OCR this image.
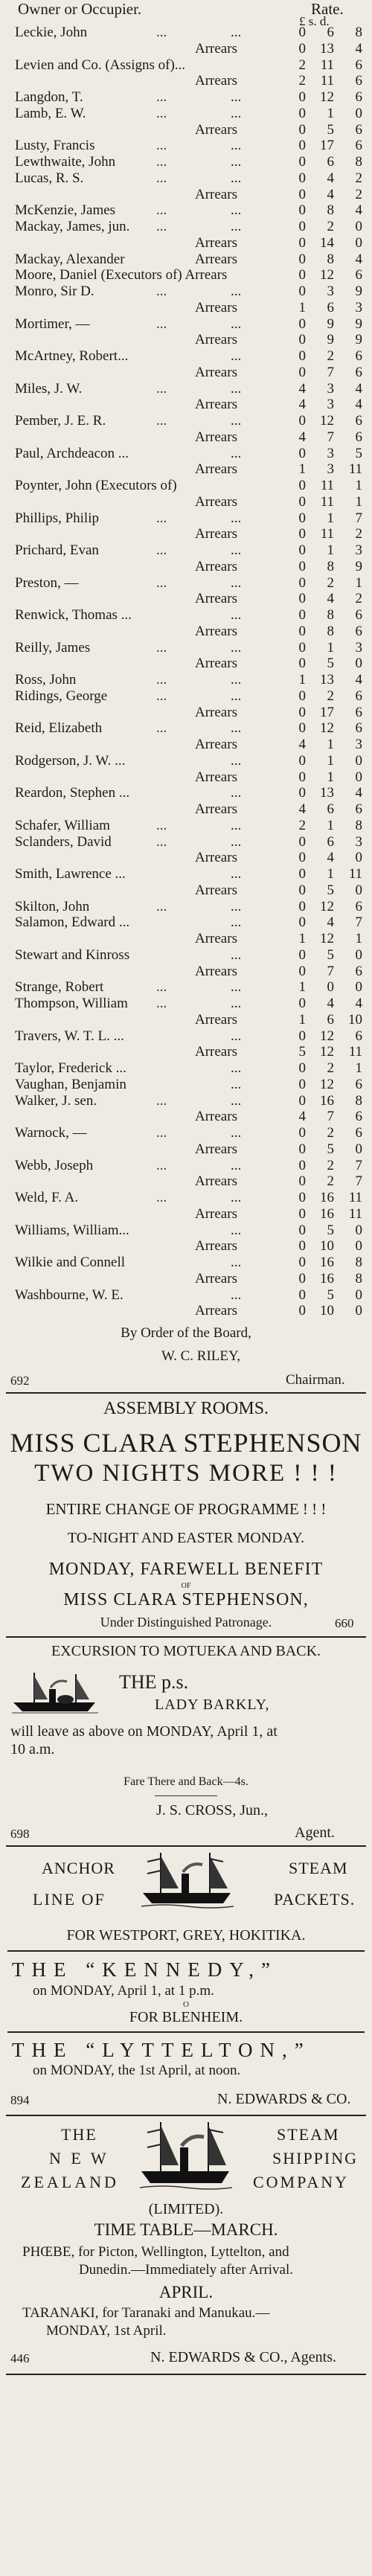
Owner or Occupier.	Rate.
£ s. d.
Leckie, John	...	...	0	6	8
Arrears	0	13	4
Levien and Co. (Assigns of)...	2	11	6
Arrears	2	11	6
Langdon, T.	...	...	0	12	6
Lamb, E. W.	...	...	0	1	0
Arrears	0	5	6
Lusty, Francis	...	...	0	17	6
Lewthwaite, John	...	...	0	6	8
Lucas, R. S.	...	...	0	4	2
Arrears	0	4	2
McKenzie, James	...	...	0	8	4
Mackay, James, jun. ...	...	0	2	0
Arrears	0	14	0
Mackay, Alexander	Arrears	0	8	4
Moore, Daniel (Executors of) Arrears	0	12	6
Monro, Sir D.	...	...	0	3	9
Arrears	1	6	3
Mortimer, —	...	...	0	9	9
Arrears	0	9	9
McArtney, Robert...	...	0	2	6
Arrears	0	7	6
Miles, J. W.	...	...	4	3	4
Arrears	4	3	4
Pember, J. E. R.	...	...	0	12	6
Arrears	4	7	6
Paul, Archdeacon ...	...	0	3	5
Arrears	1	3	11
Poynter, John (Executors of)	0	11	1
Arrears	0	11	1
Phillips, Philip	...	...	0	1	7
Arrears	0	11	2
Prichard, Evan	...	...	0	1	3
Arrears	0	8	9
Preston, —	...	...	0	2	1
Arrears	0	4	2
Renwick, Thomas ...	...	0	8	6
Arrears	0	8	6
Reilly, James	...	...	0	1	3
Arrears	0	5	0
Ross, John	...	...	1	13	4
Ridings, George	...	...	0	2	6
Arrears	0	17	6
Reid, Elizabeth	...	...	0	12	6
Arrears	4	1	3
Rodgerson, J. W. ...	...	0	1	0
Arrears	0	1	0
Reardon, Stephen ...	...	0	13	4
Arrears	4	6	6
Schafer, William	...	...	2	1	8
Sclanders, David	...	...	0	6	3
Arrears	0	4	0
Smith, Lawrence ...	...	0	1	11
Arrears	0	5	0
Skilton, John	...	...	0	12	6
Salamon, Edward ...	...	0	4	7
Arrears	1	12	1
Stewart and Kinross	...	0	5	0
Arrears	0	7	6
Strange, Robert	...	...	1	0	0
Thompson, William ...	...	0	4	4
Arrears	1	6	10
Travers, W. T. L. ...	...	0	12	6
Arrears	5	12	11
Taylor, Frederick ...	...	0	2	1
Vaughan, Benjamin	...	0	12	6
Walker, J. sen.	...	...	0	16	8
Arrears	4	7	6
Warnock, —	...	...	0	2	6
Arrears	0	5	0
Webb, Joseph	...	...	0	2	7
Arrears	0	2	7
Weld, F. A.	...	...	0	16	11
Arrears	0	16	11
Williams, William...	...	0	5	0
Arrears	0	10	0
Wilkie and Connell	...	0	16	8
Arrears	0	16	8
Washbourne, W. E.	...	0	5	0
Arrears	0	10	0
By Order of the Board,
W. C. RILEY,
692	Chairman.
ASSEMBLY ROOMS.
MISS CLARA STEPHENSON
TWO NIGHTS MORE ! ! !
ENTIRE CHANGE OF PROGRAMME ! ! !
TO-NIGHT AND EASTER MONDAY.
MONDAY, FAREWELL BENEFIT
OF
MISS CLARA STEPHENSON,
Under Distinguished Patronage.	660
EXCURSION TO MOTUEKA AND BACK.
THE p.s.
LADY BARKLY,
will leave as above on MONDAY, April 1, at
10 a.m.
Fare There and Back—4s.
J. S. CROSS, Jun.,
698	Agent.
ANCHOR	STEAM
LINE OF	PACKETS.
FOR WESTPORT, GREY, HOKITIKA.
THE “KENNEDY,”
on MONDAY, April 1, at 1 p.m.
O
FOR BLENHEIM.
THE “LYTTELTON,”
on MONDAY, the 1st April, at noon.
894	N. EDWARDS & CO.
THE	STEAM
N E W	SHIPPING
ZEALAND	COMPANY
(LIMITED).
TIME TABLE—MARCH.
PHŒBE, for Picton, Wellington, Lyttelton, and
Dunedin.—Immediately after Arrival.
APRIL.
TARANAKI, for Taranaki and Manukau.—
MONDAY, 1st April.
446	N. EDWARDS & CO., Agents.
